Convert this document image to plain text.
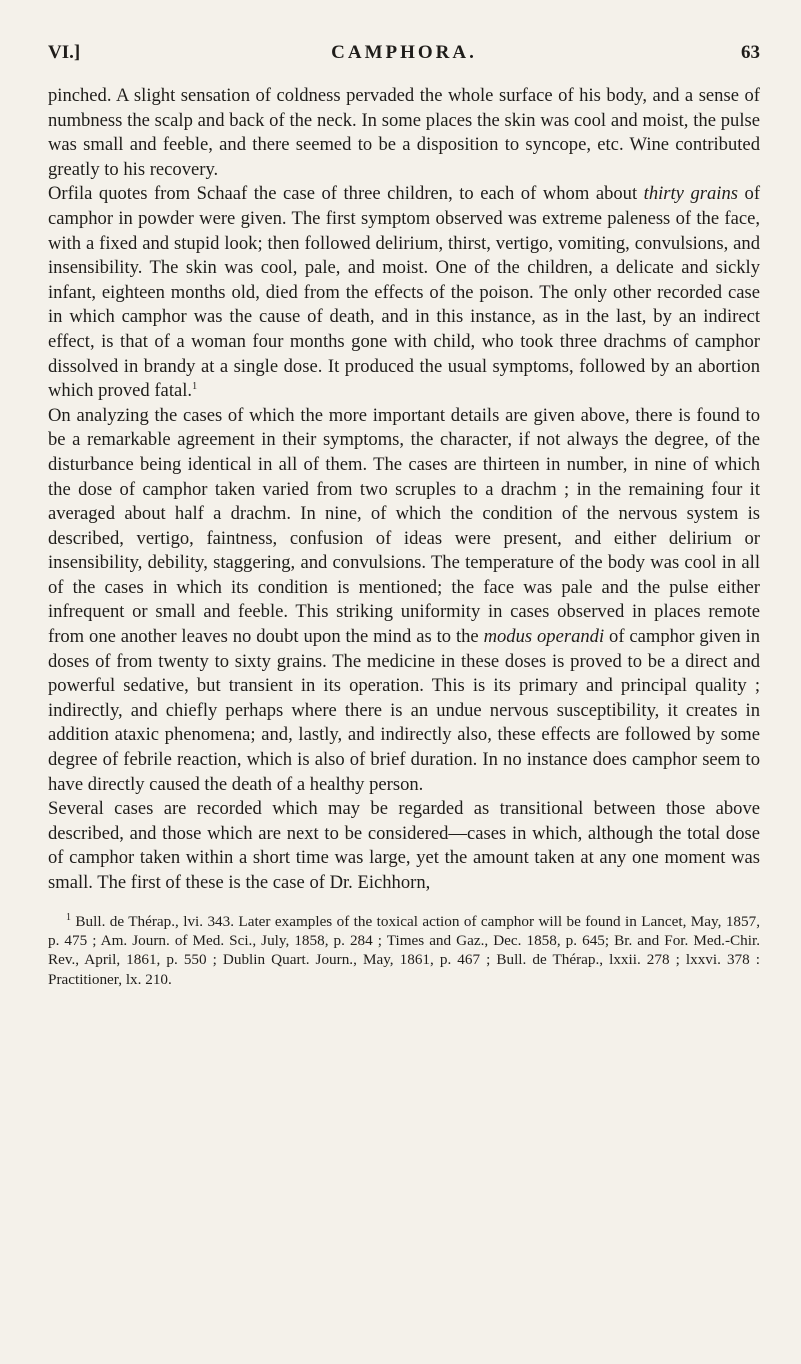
VI.]	CAMPHORA.	63

pinched. A slight sensation of coldness pervaded the whole surface of his body, and a sense of numbness the scalp and back of the neck. In some places the skin was cool and moist, the pulse was small and feeble, and there seemed to be a disposition to syncope, etc. Wine contributed greatly to his recovery.

Orfila quotes from Schaaf the case of three children, to each of whom about thirty grains of camphor in powder were given. The first symptom observed was extreme paleness of the face, with a fixed and stupid look; then followed delirium, thirst, vertigo, vomiting, convulsions, and insensibility. The skin was cool, pale, and moist. One of the children, a delicate and sickly infant, eighteen months old, died from the effects of the poison. The only other recorded case in which camphor was the cause of death, and in this instance, as in the last, by an indirect effect, is that of a woman four months gone with child, who took three drachms of camphor dissolved in brandy at a single dose. It produced the usual symptoms, followed by an abortion which proved fatal.$^1$

On analyzing the cases of which the more important details are given above, there is found to be a remarkable agreement in their symptoms, the character, if not always the degree, of the disturbance being identical in all of them. The cases are thirteen in number, in nine of which the dose of camphor taken varied from two scruples to a drachm ; in the remaining four it averaged about half a drachm. In nine, of which the condition of the nervous system is described, vertigo, faintness, confusion of ideas were present, and either delirium or insensibility, debility, staggering, and convulsions. The temperature of the body was cool in all of the cases in which its condition is mentioned; the face was pale and the pulse either infrequent or small and feeble. This striking uniformity in cases observed in places remote from one another leaves no doubt upon the mind as to the modus operandi of camphor given in doses of from twenty to sixty grains. The medicine in these doses is proved to be a direct and powerful sedative, but transient in its operation. This is its primary and principal quality ; indirectly, and chiefly perhaps where there is an undue nervous susceptibility, it creates in addition ataxic phenomena; and, lastly, and indirectly also, these effects are followed by some degree of febrile reaction, which is also of brief duration. In no instance does camphor seem to have directly caused the death of a healthy person.

Several cases are recorded which may be regarded as transitional between those above described, and those which are next to be considered—cases in which, although the total dose of camphor taken within a short time was large, yet the amount taken at any one moment was small. The first of these is the case of Dr. Eichhorn,

$^1$ Bull. de Thérap., lvi. 343. Later examples of the toxical action of camphor will be found in Lancet, May, 1857, p. 475 ; Am. Journ. of Med. Sci., July, 1858, p. 284 ; Times and Gaz., Dec. 1858, p. 645; Br. and For. Med.-Chir. Rev., April, 1861, p. 550 ; Dublin Quart. Journ., May, 1861, p. 467 ; Bull. de Thérap., lxxii. 278 ; lxxvi. 378 : Practitioner, lx. 210.
